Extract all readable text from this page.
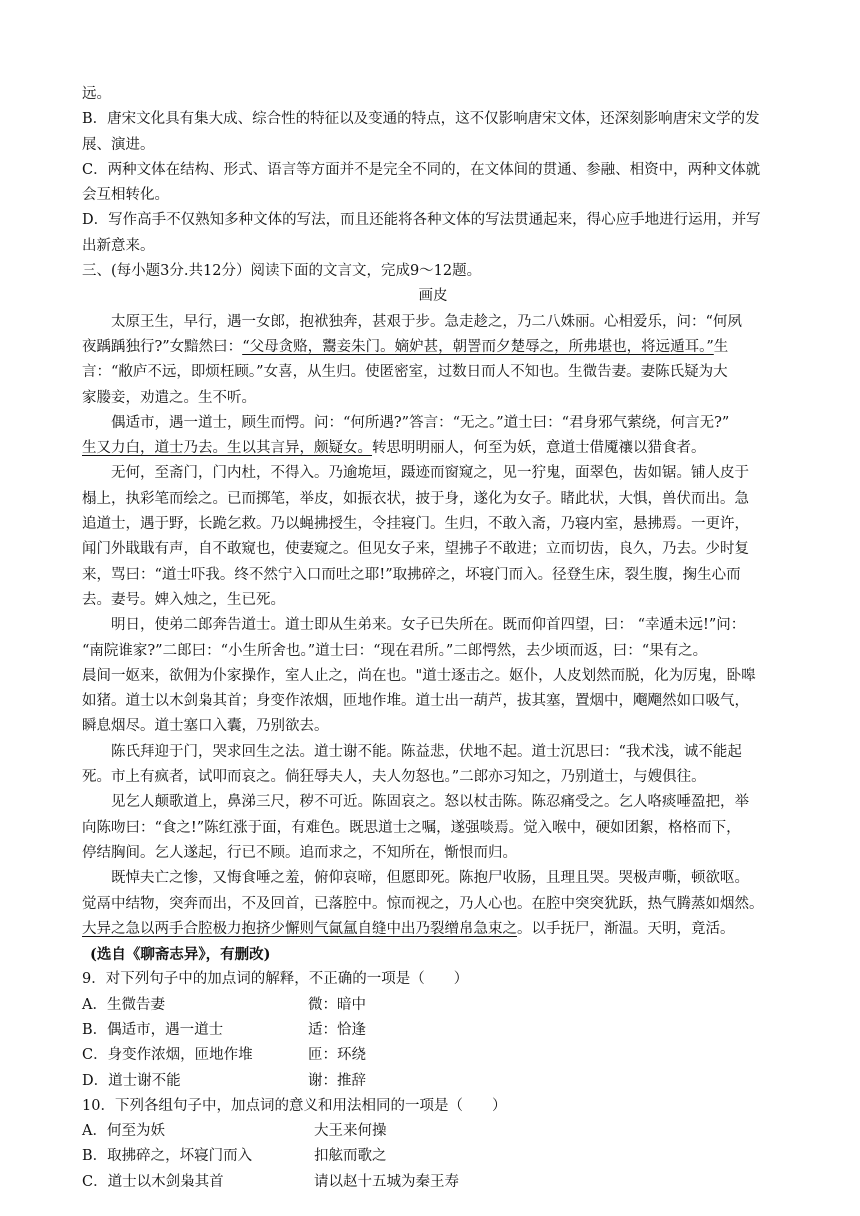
远。
B．唐宋文化具有集大成、综合性的特征以及变通的特点，这不仅影响唐宋文体，还深刻影响唐宋文学的发
展、演进。
C．两种文体在结构、形式、语言等方面并不是完全不同的，在文体间的贯通、参融、相资中，两种文体就
会互相转化。
D．写作高手不仅熟知多种文体的写法，而且还能将各种文体的写法贯通起来，得心应手地进行运用，并写
出新意来。
三、(每小题3分.共12分）阅读下面的文言文，完成9～12题。
画皮
太原王生，早行，遇一女郎，抱袱独奔，甚艰于步。急走趁之，乃二八姝丽。心相爱乐，问：“何夙
夜踽踽独行?”女黯然曰：“父母贪赂，鬻妾朱门。嫡妒甚，朝詈而夕楚辱之，所弗堪也，将远遁耳。”生
言：“敝庐不远，即烦枉顾。”女喜，从生归。使匿密室，过数日而人不知也。生微告妻。妻陈氏疑为大
家媵妾，劝遣之。生不听。
偶适市，遇一道士，顾生而愕。问：“何所遇?”答言：“无之。”道士曰：“君身邪气萦绕，何言无?”
生又力白，道士乃去。生以其言异，颇疑女。转思明明丽人，何至为妖，意道士借魇禳以猎食者。
无何，至斋门，门内杜，不得入。乃逾垝垣，蹑迹而窗窥之，见一狞鬼，面翠色，齿如锯。铺人皮于
榻上，执彩笔而绘之。已而掷笔，举皮，如振衣状，披于身，遂化为女子。睹此状，大惧，兽伏而出。急
追道士，遇于野，长跪乞救。乃以蝇拂授生，令挂寝门。生归，不敢入斋，乃寝内室，悬拂焉。一更许，
闻门外戢戢有声，自不敢窥也，使妻窥之。但见女子来，望拂子不敢进；立而切齿，良久，乃去。少时复
来，骂曰：“道士吓我。终不然宁入口而吐之耶!”取拂碎之，坏寝门而入。径登生床，裂生腹，掬生心而
去。妻号。婢入烛之，生已死。
明日，使弟二郎奔告道士。道士即从生弟来。女子已失所在。既而仰首四望，曰： “幸遁未远!”问：
“南院谁家?”二郎曰：“小生所舍也。”道士曰：“现在君所。”二郎愕然，去少顷而返，曰：“果有之。
晨间一妪来，欲佣为仆家操作，室人止之，尚在也。"道士逐击之。妪仆，人皮划然而脱，化为厉鬼，卧嗥
如猪。道士以木剑枭其首；身变作浓烟，匝地作堆。道士出一葫芦，拔其塞，置烟中，飗飗然如口吸气，
瞬息烟尽。道士塞口入囊，乃别欲去。
陈氏拜迎于门，哭求回生之法。道士谢不能。陈益悲，伏地不起。道士沉思曰：“我术浅，诚不能起
死。市上有疯者，试叩而哀之。倘狂辱夫人，夫人勿怒也。”二郎亦习知之，乃别道士，与嫂俱往。
见乞人颠歌道上，鼻涕三尺，秽不可近。陈固哀之。怒以杖击陈。陈忍痛受之。乞人咯痰唾盈把，举
向陈吻曰：“食之!”陈红涨于面，有难色。既思道士之嘱，遂强啖焉。觉入喉中，硬如团絮，格格而下，
停结胸间。乞人遂起，行已不顾。追而求之，不知所在，惭恨而归。
既悼夫亡之惨，又悔食唾之羞，俯仰哀啼，但愿即死。陈抱尸收肠，且理且哭。哭极声嘶，顿欲呕。
觉鬲中结物，突奔而出，不及回首，已落腔中。惊而视之，乃人心也。在腔中突突犹跃，热气腾蒸如烟然。
大异之急以两手合腔极力抱挤少懈则气氤氲自缝中出乃裂缯帛急束之。以手抚尸，渐温。天明，竟活。
(选自《聊斋志异》，有删改)
9．对下列句子中的加点词的解释，不正确的一项是（　　）
A．生微告妻	微：暗中
B．偶适市，遇一道士	适：恰逢
C．身变作浓烟，匝地作堆	匝：环绕
D．道士谢不能	谢：推辞
10．下列各组句子中，加点词的意义和用法相同的一项是（　　）
A．何至为妖	大王来何操
B．取拂碎之，坏寝门而入	扣舷而歌之
C．道士以木剑枭其首	请以赵十五城为秦王寿
